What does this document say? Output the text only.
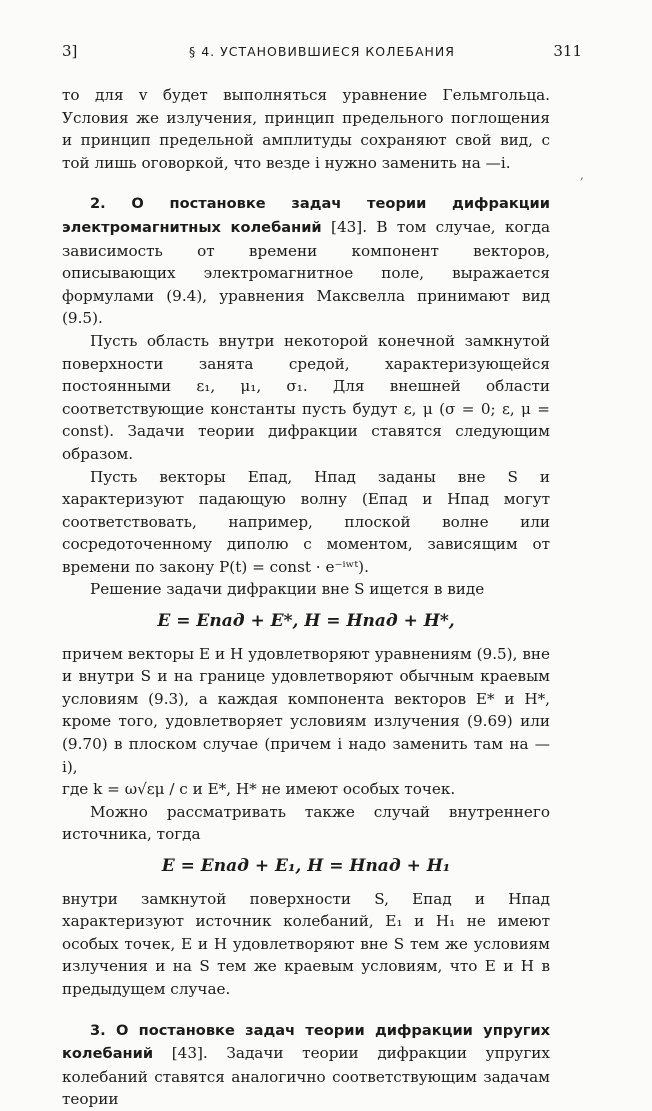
3]	§ 4. УСТАНОВИВШИЕСЯ КОЛЕБАНИЯ	311
,

то для v будет выполняться уравнение Гельмгольца. Условия же излучения, принцип предельного поглощения и принцип предельной амплитуды сохраняют свой вид, с той лишь оговоркой, что везде i нужно заменить на —i.

2. О постановке задач теории дифракции электромагнитных колебаний [43]. В том случае, когда зависимость от времени компонент векторов, описывающих электромагнитное поле, выражается формулами (9.4), уравнения Максвелла принимают вид (9.5).

Пусть область внутри некоторой конечной замкнутой поверхности занята средой, характеризующейся постоянными ε₁, μ₁, σ₁. Для внешней области соответствующие константы пусть будут ε, μ (σ = 0; ε, μ = const). Задачи теории дифракции ставятся следующим образом.

Пусть векторы Eпад, Hпад заданы вне S и характеризуют падающую волну (Eпад и Hпад могут соответствовать, например, плоской волне или сосредоточенному диполю с моментом, зависящим от времени по закону P(t) = const · e⁻ⁱʷᵗ).

Решение задачи дифракции вне S ищется в виде

E = Eпад + E*, H = Hпад + H*,

причем векторы E и H удовлетворяют уравнениям (9.5), вне и внутри S и на границе удовлетворяют обычным краевым условиям (9.3), а каждая компонента векторов E* и H*, кроме того, удовлетворяет условиям излучения (9.69) или (9.70) в плоском случае (причем i надо заменить там на —i),

где k = ω√εμ / c и E*, H* не имеют особых точек.

Можно рассматривать также случай внутреннего источника, тогда

E = Eпад + E₁, H = Hпад + H₁

внутри замкнутой поверхности S, Eпад и Hпад характеризуют источник колебаний, E₁ и H₁ не имеют особых точек, E и H удовлетворяют вне S тем же условиям излучения и на S тем же краевым условиям, что E и H в предыдущем случае.

3. О постановке задач теории дифракции упругих колебаний [43]. Задачи теории дифракции упругих колебаний ставятся аналогично соответствующим задачам теории
